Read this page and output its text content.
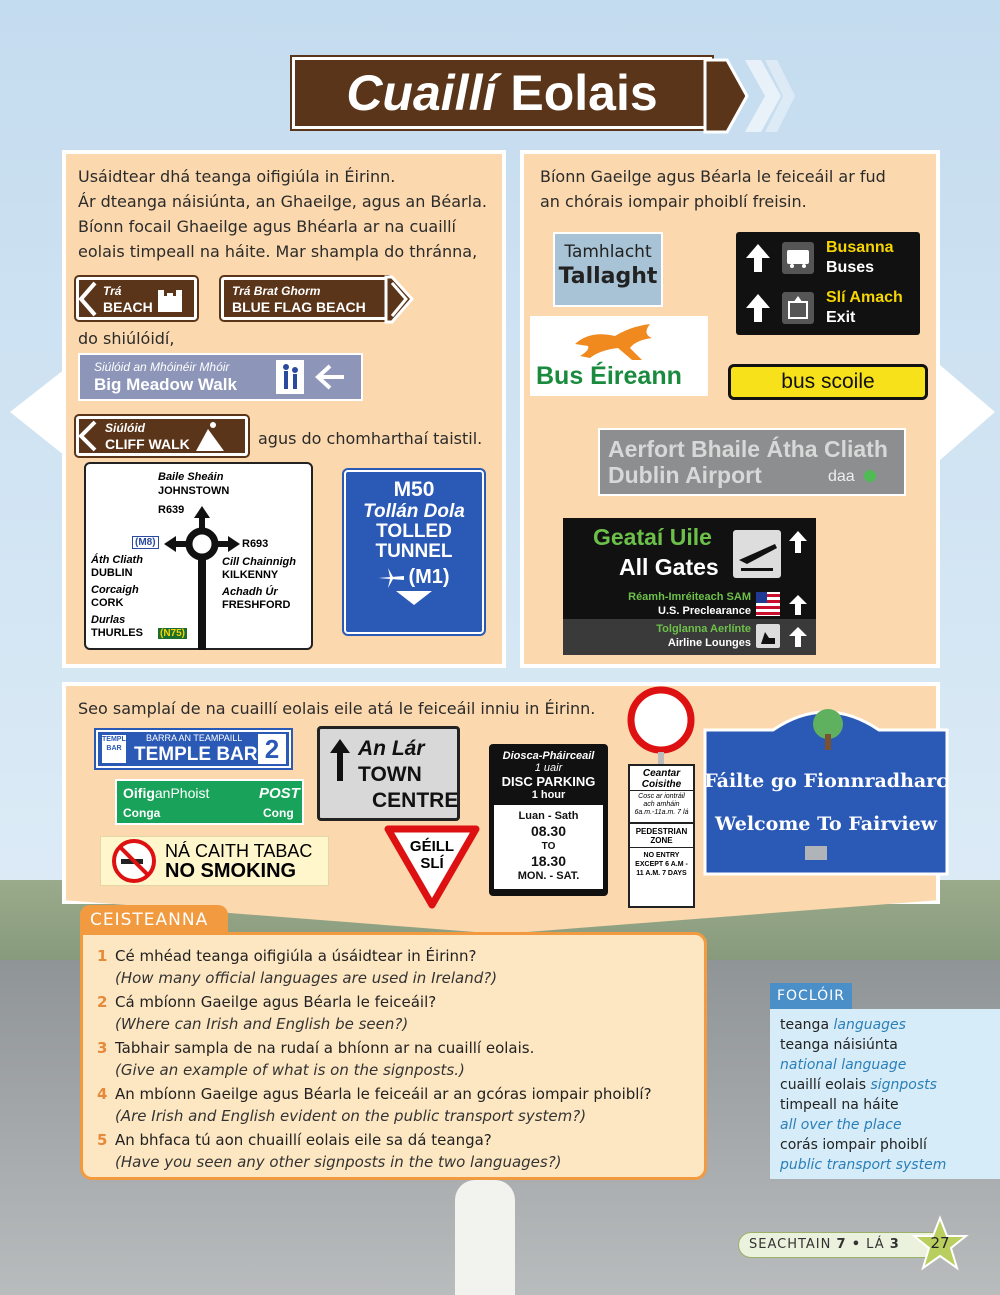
Cuaillí Eolais
Usáidtear dhá teanga oifigiúla in Éirinn.
Ár dteanga náisiúnta, an Ghaeilge, agus an Béarla.
Bíonn focail Ghaeilge agus Bhéarla ar na cuaillí
eolais timpeall na háite. Mar shampla do thránna,
Trá
BEACH
Trá Brat Ghorm
BLUE FLAG BEACH
do shiúlóidí,
Siúlóid an Mhóinéir Mhóir
Big Meadow Walk
Siúlóid
CLIFF WALK	agus do chomharthaí taistil.
Baile Sheáin
JOHNSTOWN
R639
(M8)	R693
Áth Cliath
DUBLIN
Corcaigh
CORK
Durlas
THURLES (N75)
Cill Chainnigh
KILKENNY
Achadh Úr
FRESHFORD
M50
Tollán Dola
TOLLED
TUNNEL
(M1)
Bíonn Gaeilge agus Béarla le feiceáil ar fud
an chórais iompair phoiblí freisin.
Tamhlacht
Tallaght
Busanna
Buses
Slí Amach
Exit
Bus Éireann	bus scoile
Aerfort Bhaile Átha Cliath
Dublin Airport	daa
Geataí Uile
All Gates
Réamh-Imréiteach SAM
U.S. Preclearance
Tolglanna Aerlínte
Airline Lounges
Seo samplaí de na cuaillí eolais eile atá le feiceáil inniu in Éirinn.
TEMPLE BAR
BARRA AN TEAMPAILL
TEMPLE BAR 2
OifiganPhoist	POST
Conga	Cong
NÁ CAITH TABAC
NO SMOKING
An Lár
TOWN
CENTRE
GÉILL
SLÍ
Diosca-Pháirceail
1 uair
DISC PARKING
1 hour
Luan - Sath
08.30
TO
18.30
MON. - SAT.
Ceantar
Coisithe
Cosc ar iontráil ach amháin 6a.m.-11a.m. 7 lá
PEDESTRIAN
ZONE
NO ENTRY EXCEPT 6 A.M - 11 A.M. 7 DAYS
Fáilte go Fionnradharc
Welcome To Fairview
CEISTEANNA
1 Cé mhéad teanga oifigiúla a úsáidtear in Éirinn?
(How many official languages are used in Ireland?)
2 Cá mbíonn Gaeilge agus Béarla le feiceáil?
(Where can Irish and English be seen?)
3 Tabhair sampla de na rudaí a bhíonn ar na cuaillí eolais.
(Give an example of what is on the signposts.)
4 An mbíonn Gaeilge agus Béarla le feiceáil ar an gcóras iompair phoiblí?
(Are Irish and English evident on the public transport system?)
5 An bhfaca tú aon chuaillí eolais eile sa dá teanga?
(Have you seen any other signposts in the two languages?)
FOCLÓIR
teanga languages
teanga náisiúnta
national language
cuaillí eolais signposts
timpeall na háite
all over the place
corás iompair phoiblí
public transport system
SEACHTAIN 7 • LÁ 3	27
